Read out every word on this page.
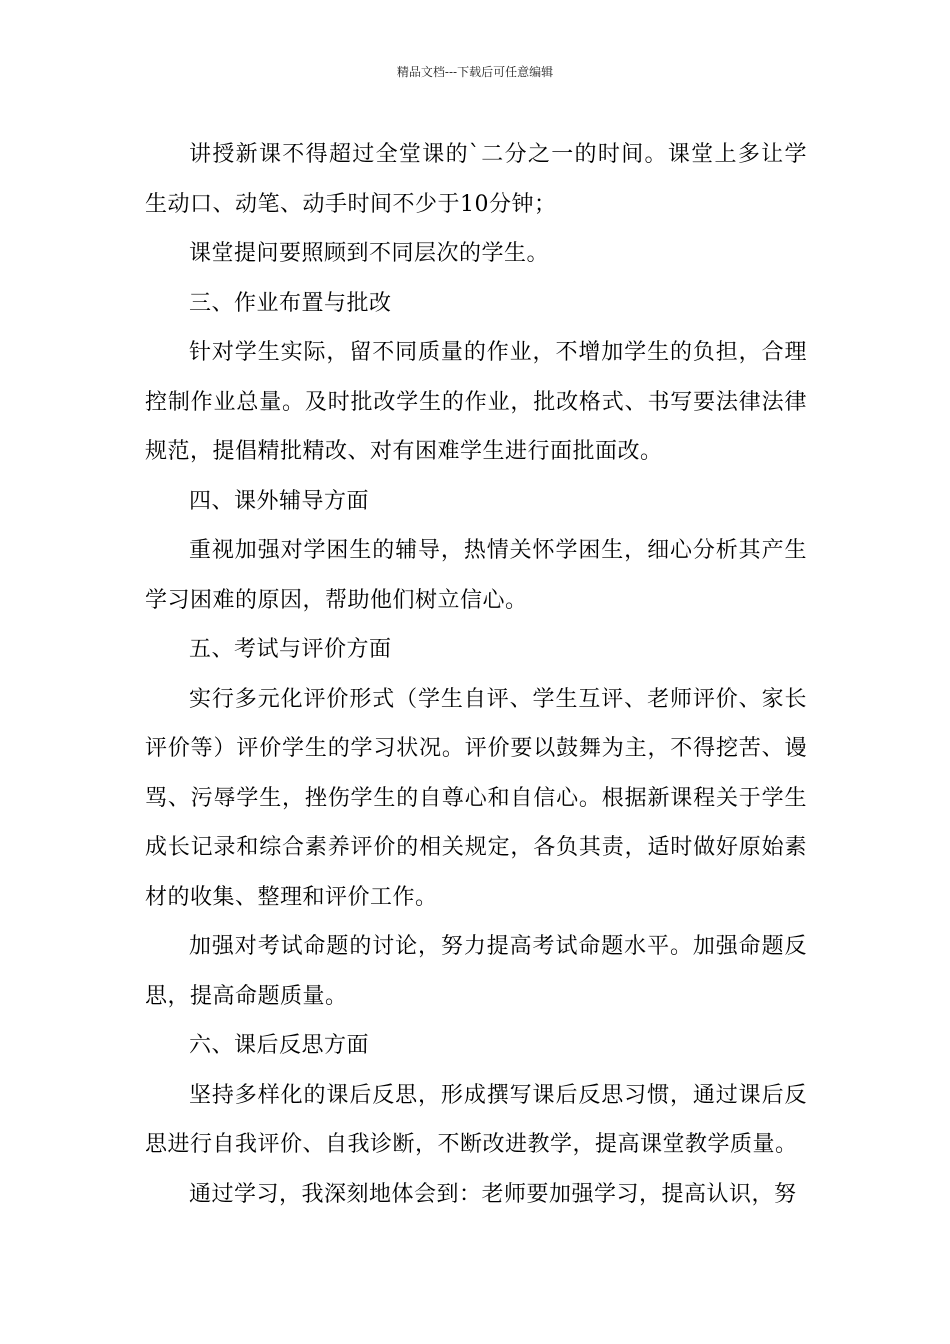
精品文档---下载后可任意编辑

讲授新课不得超过全堂课的`二分之一的时间。课堂上多让学生动口、动笔、动手时间不少于10分钟；

课堂提问要照顾到不同层次的学生。

三、作业布置与批改

针对学生实际，留不同质量的作业，不增加学生的负担，合理控制作业总量。及时批改学生的作业，批改格式、书写要法律法律规范，提倡精批精改、对有困难学生进行面批面改。

四、课外辅导方面

重视加强对学困生的辅导，热情关怀学困生，细心分析其产生学习困难的原因，帮助他们树立信心。

五、考试与评价方面

实行多元化评价形式（学生自评、学生互评、老师评价、家长评价等）评价学生的学习状况。评价要以鼓舞为主，不得挖苦、谩骂、污辱学生，挫伤学生的自尊心和自信心。根据新课程关于学生成长记录和综合素养评价的相关规定，各负其责，适时做好原始素材的收集、整理和评价工作。

加强对考试命题的讨论，努力提高考试命题水平。加强命题反思，提高命题质量。

六、课后反思方面

坚持多样化的课后反思，形成撰写课后反思习惯，通过课后反思进行自我评价、自我诊断，不断改进教学，提高课堂教学质量。

通过学习，我深刻地体会到：老师要加强学习，提高认识，努
